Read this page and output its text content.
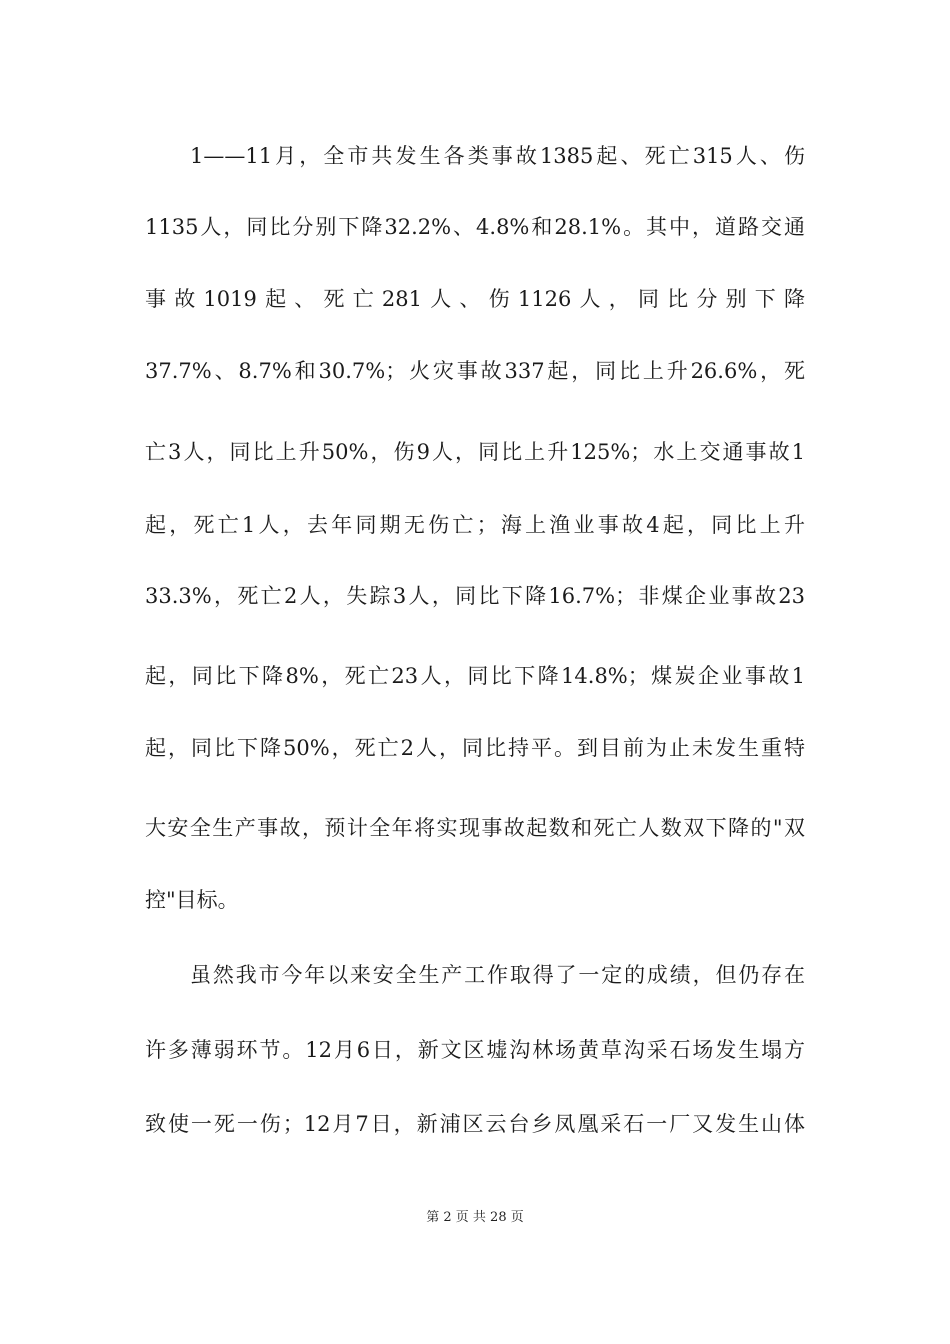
1——11月，全市共发生各类事故1385起、死亡315人、伤
1135人，同比分别下降32.2%、4.8%和28.1%。其中，道路交通
事故1019起、死亡281人、伤1126人，同比分别下降
37.7%、8.7%和30.7%；火灾事故337起，同比上升26.6%，死
亡3人，同比上升50%，伤9人，同比上升125%；水上交通事故1
起，死亡1人，去年同期无伤亡；海上渔业事故4起，同比上升
33.3%，死亡2人，失踪3人，同比下降16.7%；非煤企业事故23
起，同比下降8%，死亡23人，同比下降14.8%；煤炭企业事故1
起，同比下降50%，死亡2人，同比持平。到目前为止未发生重特
大安全生产事故，预计全年将实现事故起数和死亡人数双下降的"双
控"目标。
虽然我市今年以来安全生产工作取得了一定的成绩，但仍存在
许多薄弱环节。12月6日，新文区墟沟林场黄草沟采石场发生塌方
致使一死一伤；12月7日，新浦区云台乡凤凰采石一厂又发生山体
第 2 页 共 28 页
